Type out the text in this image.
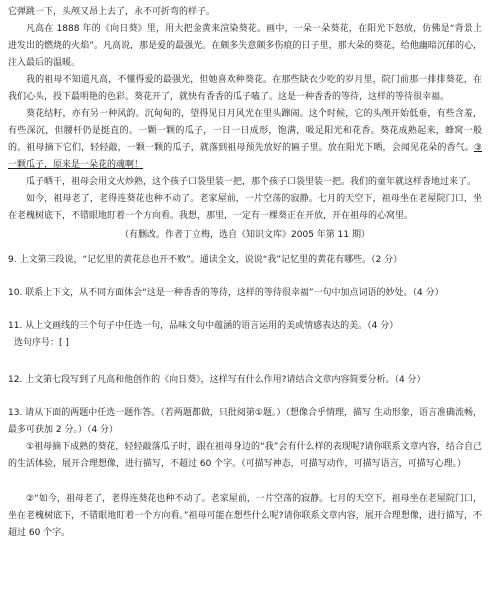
它弹跳一下，头颅又昂上去了，永不可折弯的样子。

凡高在 1888 年的《向日葵》里，用大把金黄来渲染葵花。画中，一朵一朵葵花，在阳光下怒放，仿佛是“背景上进发出的燃烧的火焰”。凡高说，那是爱的最强光。在颇多失意颇多伤痕的日子里，那大朵的葵花，给他幽暗沉郁的心，注入最后的温暖。

我的祖母不知道凡高，不懂得爱的最强光，但她喜欢种葵花。在那些缺衣少吃的岁月里，院门前那一排排葵花，在我们心头，投下最明艳的色彩。葵花开了，就快有香香的瓜子嗑了。这是一种香香的等待，这样的等待很幸福。

葵花结籽，亦有另一种风韵。沉甸甸的，望得见日月风光在里头蹿闹。这个时候，它的头颅开始低垂，有些含羞，有些深沉，但腰杆仍是挺直的。一颗一颗的瓜子，一日一日成形，饱满，吸足阳光和花香。葵花成熟起来，蜂窝一般的。祖母摘下它们，轻轻敲，一颗一颗的瓜子，就落到祖母预先放好的匾子里。放在阳光下晒，会闻见花朵的香气。③一颗瓜子，原来是一朵花的魂啊！

瓜子晒干，祖母会用文火炒熟，这个孩子口袋里装一把，那个孩子口袋里装一把。我们的童年就这样香地过来了。

如今，祖母老了，老得连葵花也种不动了。老家屋前，一片空荡的寂静。七月的天空下，祖母坐在老屋院门口，坐在老槐树底下，不错眼地盯着一个方向看。我想，那里，一定有一棵葵正在开放，开在祖母的心窝里。

（有删改。作者丁立梅，选自《知识文库》2005 年第 11 期）

9. 上文第三段说，“记忆里的黄花总也开不败”。通读全文，说说“我”记忆里的黄花有哪些。（2 分）

10. 联系上下文，从不同方面体会“这是一种香香的等待，这样的等待很幸福”一句中加点词语的妙处。（4 分）

11. 从上文画线的三个句子中任选一句，品味文句中蕴涵的语言运用的美或情感表达的美。（4 分）

选句序号：[ ]

12. 上文第七段写到了凡高和他创作的《向日葵》，这样写有什么作用?请结合文章内容简要分析。（4 分）

13. 请从下面的两题中任选一题作答。（若两题都做，只批阅第①题。）（想像合乎情理，描写 生动形象，语言准确流畅，最多可获加 2 分。）（4 分）

①祖母摘下成熟的葵花，轻轻敲落瓜子时，跟在祖母身边的“我”会有什么样的表现呢?请你联系文章内容，结合自己的生活体验，展开合理想像，进行描写，不超过 60 个字。（可描写神态，可描写动作，可描写语言，可描写心理。）

②“如今，祖母老了，老得连葵花也种不动了。老家屋前，一片空荡的寂静。七月的天空下，祖母坐在老屋院门口，坐在老槐树底下，不错眼地盯着一个方向看。”祖母可能在想些什么呢?请你联系文章内容，展开合理想像，进行描写，不超过 60 个字。
